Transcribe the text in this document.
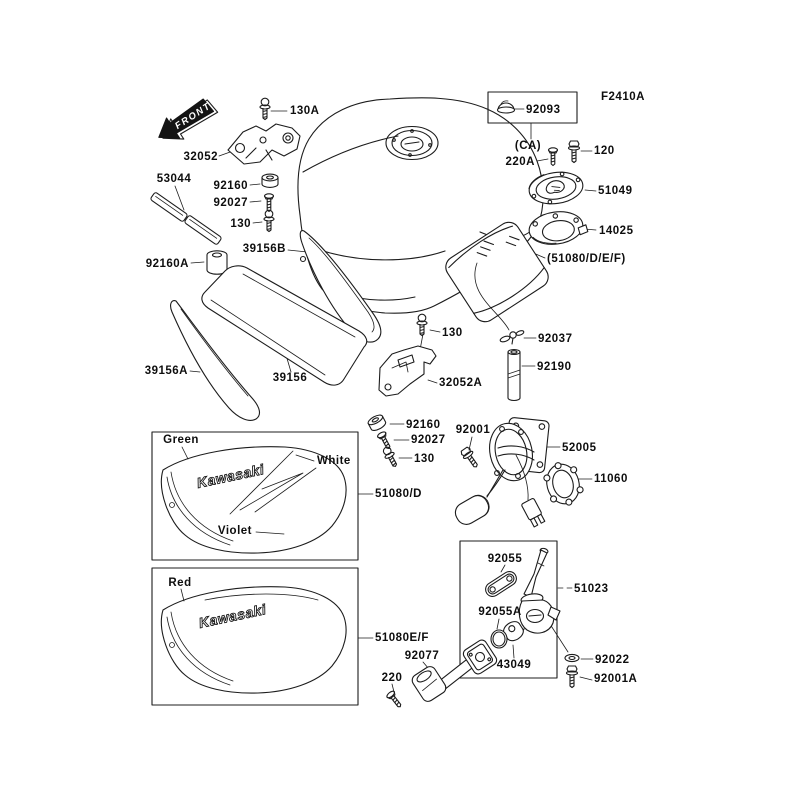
FRONT
Kawasaki
Kawasaki
F2410A
130A
32052
92160
92027
130
53044
92160A
39156B
39156A
39156
130
32052A
92037
92190
92160
92027
130
92001
52005
11060
92093
(CA)
220A
120
51049
14025
(51080/D/E/F)
Green
White
Violet
51080/D
Red
51080E/F
92055
51023
92055A
43049	92022
92001A
92077
220
